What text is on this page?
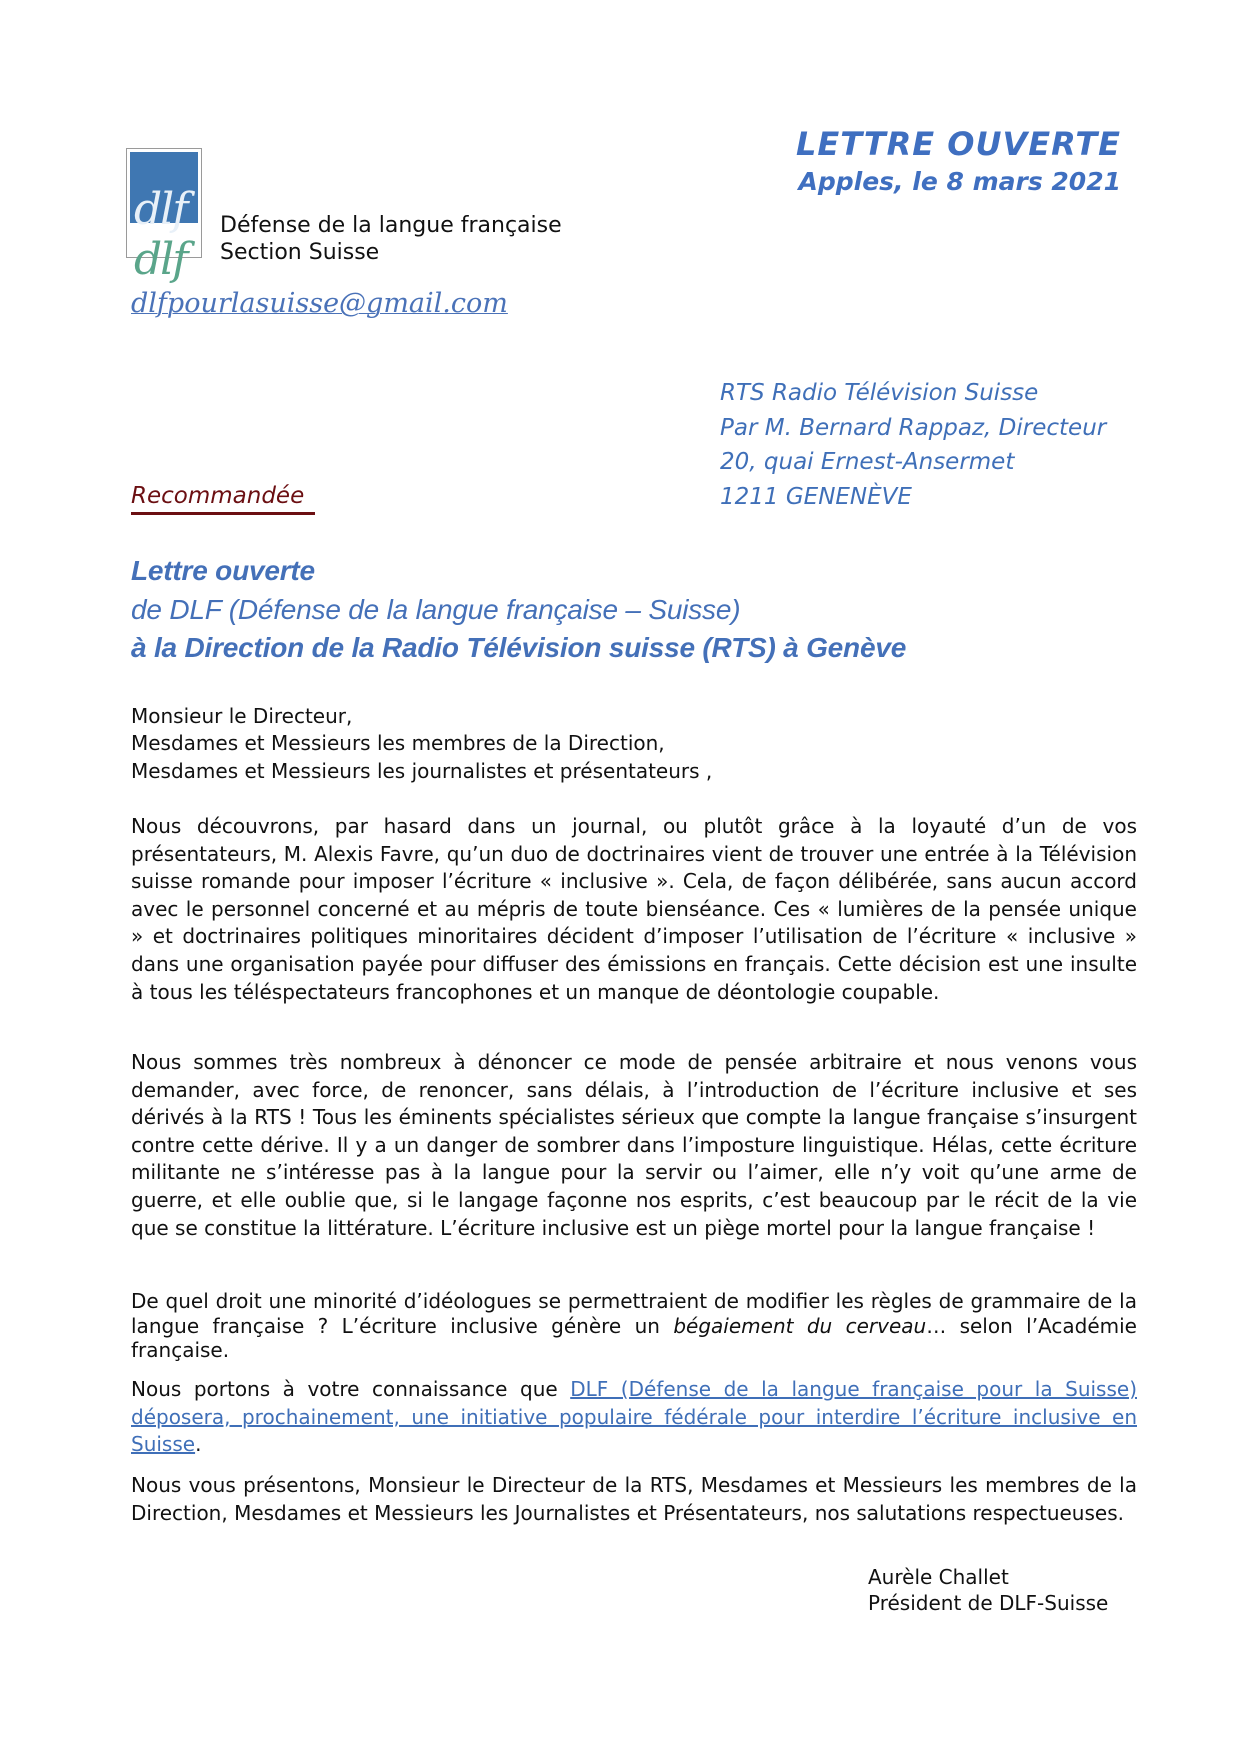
dlf
dlf
Défense de la langue française
Section Suisse
dlfpourlasuisse@gmail.com
LETTRE OUVERTE
Apples, le 8 mars 2021
RTS Radio Télévision Suisse
Par M. Bernard Rappaz, Directeur
20, quai Ernest-Ansermet
1211 GENENÈVE
Recommandée
Lettre ouverte
de DLF (Défense de la langue française – Suisse)
à la Direction de la Radio Télévision suisse (RTS) à Genève
Monsieur le Directeur,
Mesdames et Messieurs les membres de la Direction,
Mesdames et Messieurs les journalistes et présentateurs ,

Nous découvrons, par hasard dans un journal, ou plutôt grâce à la loyauté d’un de vos présentateurs, M. Alexis Favre, qu’un duo de doctrinaires vient de trouver une entrée à la Télévision suisse romande pour imposer l’écriture « inclusive ». Cela, de façon délibérée, sans aucun accord avec le personnel concerné et au mépris de toute bienséance. Ces « lumières de la pensée unique » et doctrinaires politiques minoritaires décident d’imposer l’utilisation de l’écriture « inclusive » dans une organisation payée pour diffuser des émissions en français. Cette décision est une insulte à tous les téléspectateurs francophones et un manque de déontologie coupable.

Nous sommes très nombreux à dénoncer ce mode de pensée arbitraire et nous venons vous demander, avec force, de renoncer, sans délais, à l’introduction de l’écriture inclusive et ses dérivés à la RTS ! Tous les éminents spécialistes sérieux que compte la langue française s’insurgent contre cette dérive. Il y a un danger de sombrer dans l’imposture linguistique. Hélas, cette écriture militante ne s’intéresse pas à la langue pour la servir ou l’aimer, elle n’y voit qu’une arme de guerre, et elle oublie que, si le langage façonne nos esprits, c’est beaucoup par le récit de la vie que se constitue la littérature. L’écriture inclusive est un piège mortel pour la langue française !

De quel droit une minorité d’idéologues se permettraient de modifier les règles de grammaire de la langue française ? L’écriture inclusive génère un bégaiement du cerveau… selon l’Académie française.

Nous portons à votre connaissance que DLF (Défense de la langue française pour la Suisse) déposera, prochainement, une initiative populaire fédérale pour interdire l’écriture inclusive en Suisse.

Nous vous présentons, Monsieur le Directeur de la RTS, Mesdames et Messieurs les membres de la Direction, Mesdames et Messieurs les Journalistes et Présentateurs, nos salutations respectueuses.

Aurèle Challet
Président de DLF-Suisse
